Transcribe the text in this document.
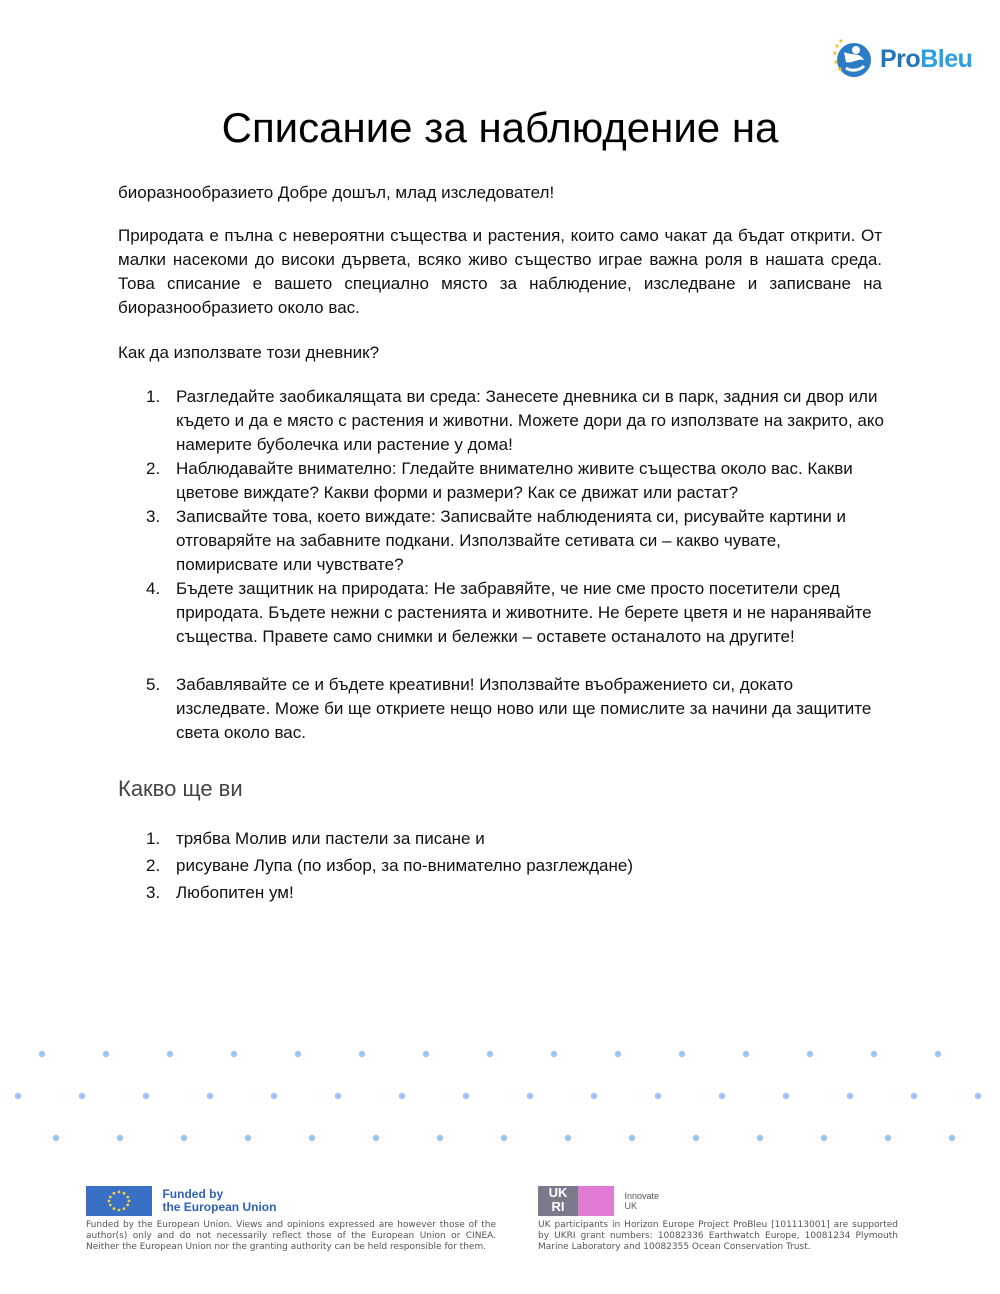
ProBleu
Списание за наблюдение на

биоразнообразието Добре дошъл, млад изследовател!

Природата е пълна с невероятни същества и растения, които само чакат да бъдат открити. От малки насекоми до високи дървета, всяко живо същество играе важна роля в нашата среда. Това списание е вашето специално място за наблюдение, изследване и записване на биоразнообразието около вас.

Как да използвате този дневник?

1. Разгледайте заобикалящата ви среда: Занесете дневника си в парк, задния си двор или където и да е място с растения и животни. Можете дори да го използвате на закрито, ако намерите буболечка или растение у дома!
2. Наблюдавайте внимателно: Гледайте внимателно живите същества около вас. Какви цветове виждате? Какви форми и размери? Как се движат или растат?
3. Записвайте това, което виждате: Записвайте наблюденията си, рисувайте картини и отговаряйте на забавните подкани. Използвайте сетивата си – какво чувате, помирисвате или чувствате?
4. Бъдете защитник на природата: Не забравяйте, че ние сме просто посетители сред природата. Бъдете нежни с растенията и животните. Не берете цветя и не наранявайте същества. Правете само снимки и бележки – оставете останалото на другите!
5. Забавлявайте се и бъдете креативни! Използвайте въображението си, докато изследвате. Може би ще откриете нещо ново или ще помислите за начини да защитите света около вас.
Какво ще ви
1. трябва Молив или пастели за писане и
2. рисуване Лупа (по избор, за по-внимателно разглеждане)
3. Любопитен ум!
Funded by
the European Union
Funded by the European Union. Views and opinions expressed are however those of the author(s) only and do not necessarily reflect those of the European Union or CINEA. Neither the European Union nor the granting authority can be held responsible for them.
UK
RI
Innovate
UK
UK participants in Horizon Europe Project ProBleu [101113001] are supported by UKRI grant numbers: 10082336 Earthwatch Europe, 10081234 Plymouth Marine Laboratory and 10082355 Ocean Conservation Trust.
